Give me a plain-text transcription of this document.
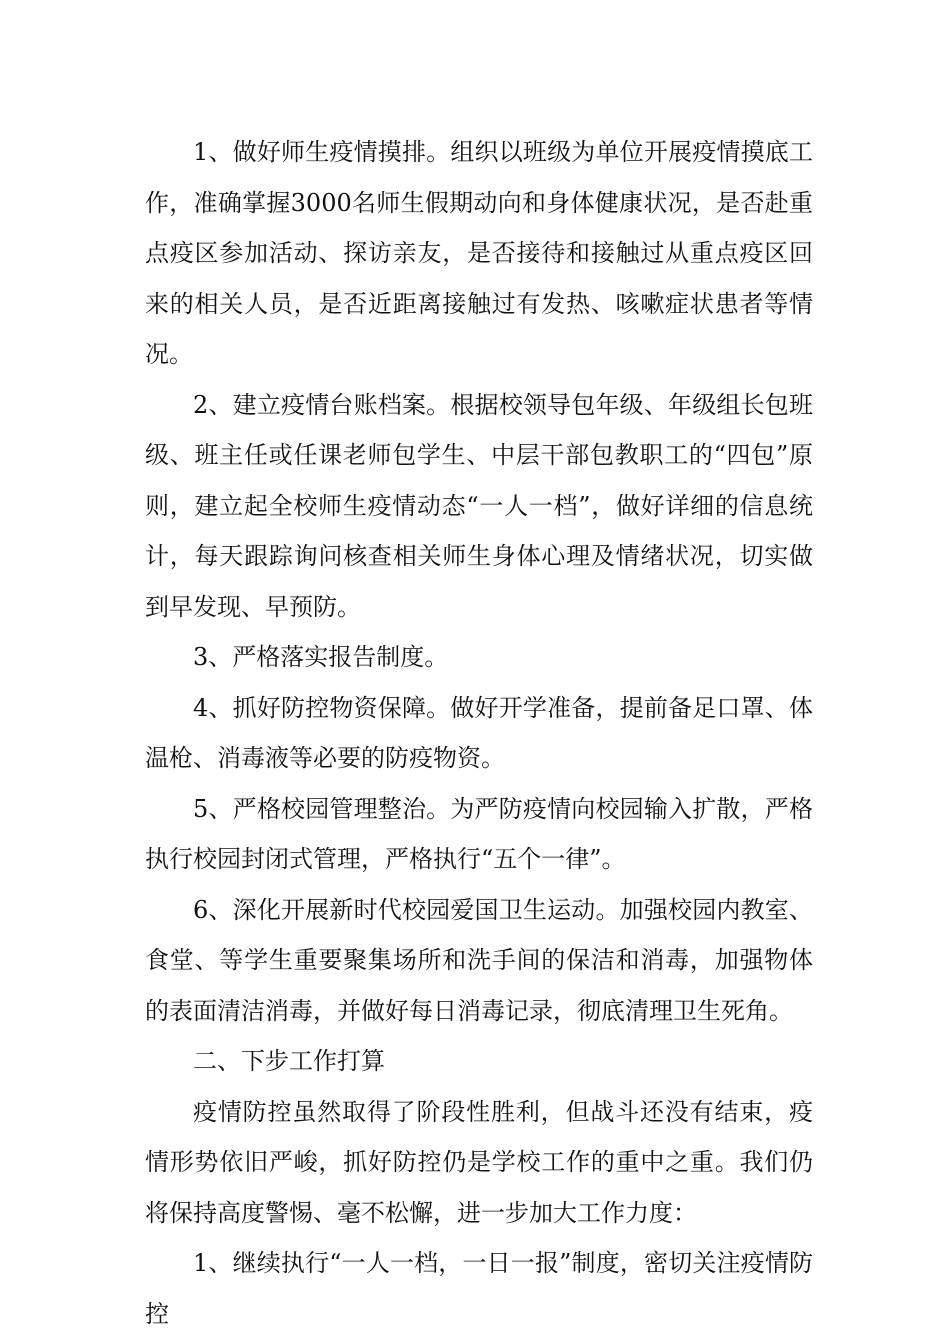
1、做好师生疫情摸排。组织以班级为单位开展疫情摸底工作，准确掌握3000名师生假期动向和身体健康状况，是否赴重点疫区参加活动、探访亲友，是否接待和接触过从重点疫区回来的相关人员，是否近距离接触过有发热、咳嗽症状患者等情况。

2、建立疫情台账档案。根据校领导包年级、年级组长包班级、班主任或任课老师包学生、中层干部包教职工的“四包”原则，建立起全校师生疫情动态“一人一档”，做好详细的信息统计，每天跟踪询问核查相关师生身体心理及情绪状况，切实做到早发现、早预防。

3、严格落实报告制度。

4、抓好防控物资保障。做好开学准备，提前备足口罩、体温枪、消毒液等必要的防疫物资。

5、严格校园管理整治。为严防疫情向校园输入扩散，严格执行校园封闭式管理，严格执行“五个一律”。

6、深化开展新时代校园爱国卫生运动。加强校园内教室、食堂、等学生重要聚集场所和洗手间的保洁和消毒，加强物体的表面清洁消毒，并做好每日消毒记录，彻底清理卫生死角。

二、下步工作打算

疫情防控虽然取得了阶段性胜利，但战斗还没有结束，疫情形势依旧严峻，抓好防控仍是学校工作的重中之重。我们仍将保持高度警惕、毫不松懈，进一步加大工作力度：

1、继续执行“一人一档，一日一报”制度，密切关注疫情防控
